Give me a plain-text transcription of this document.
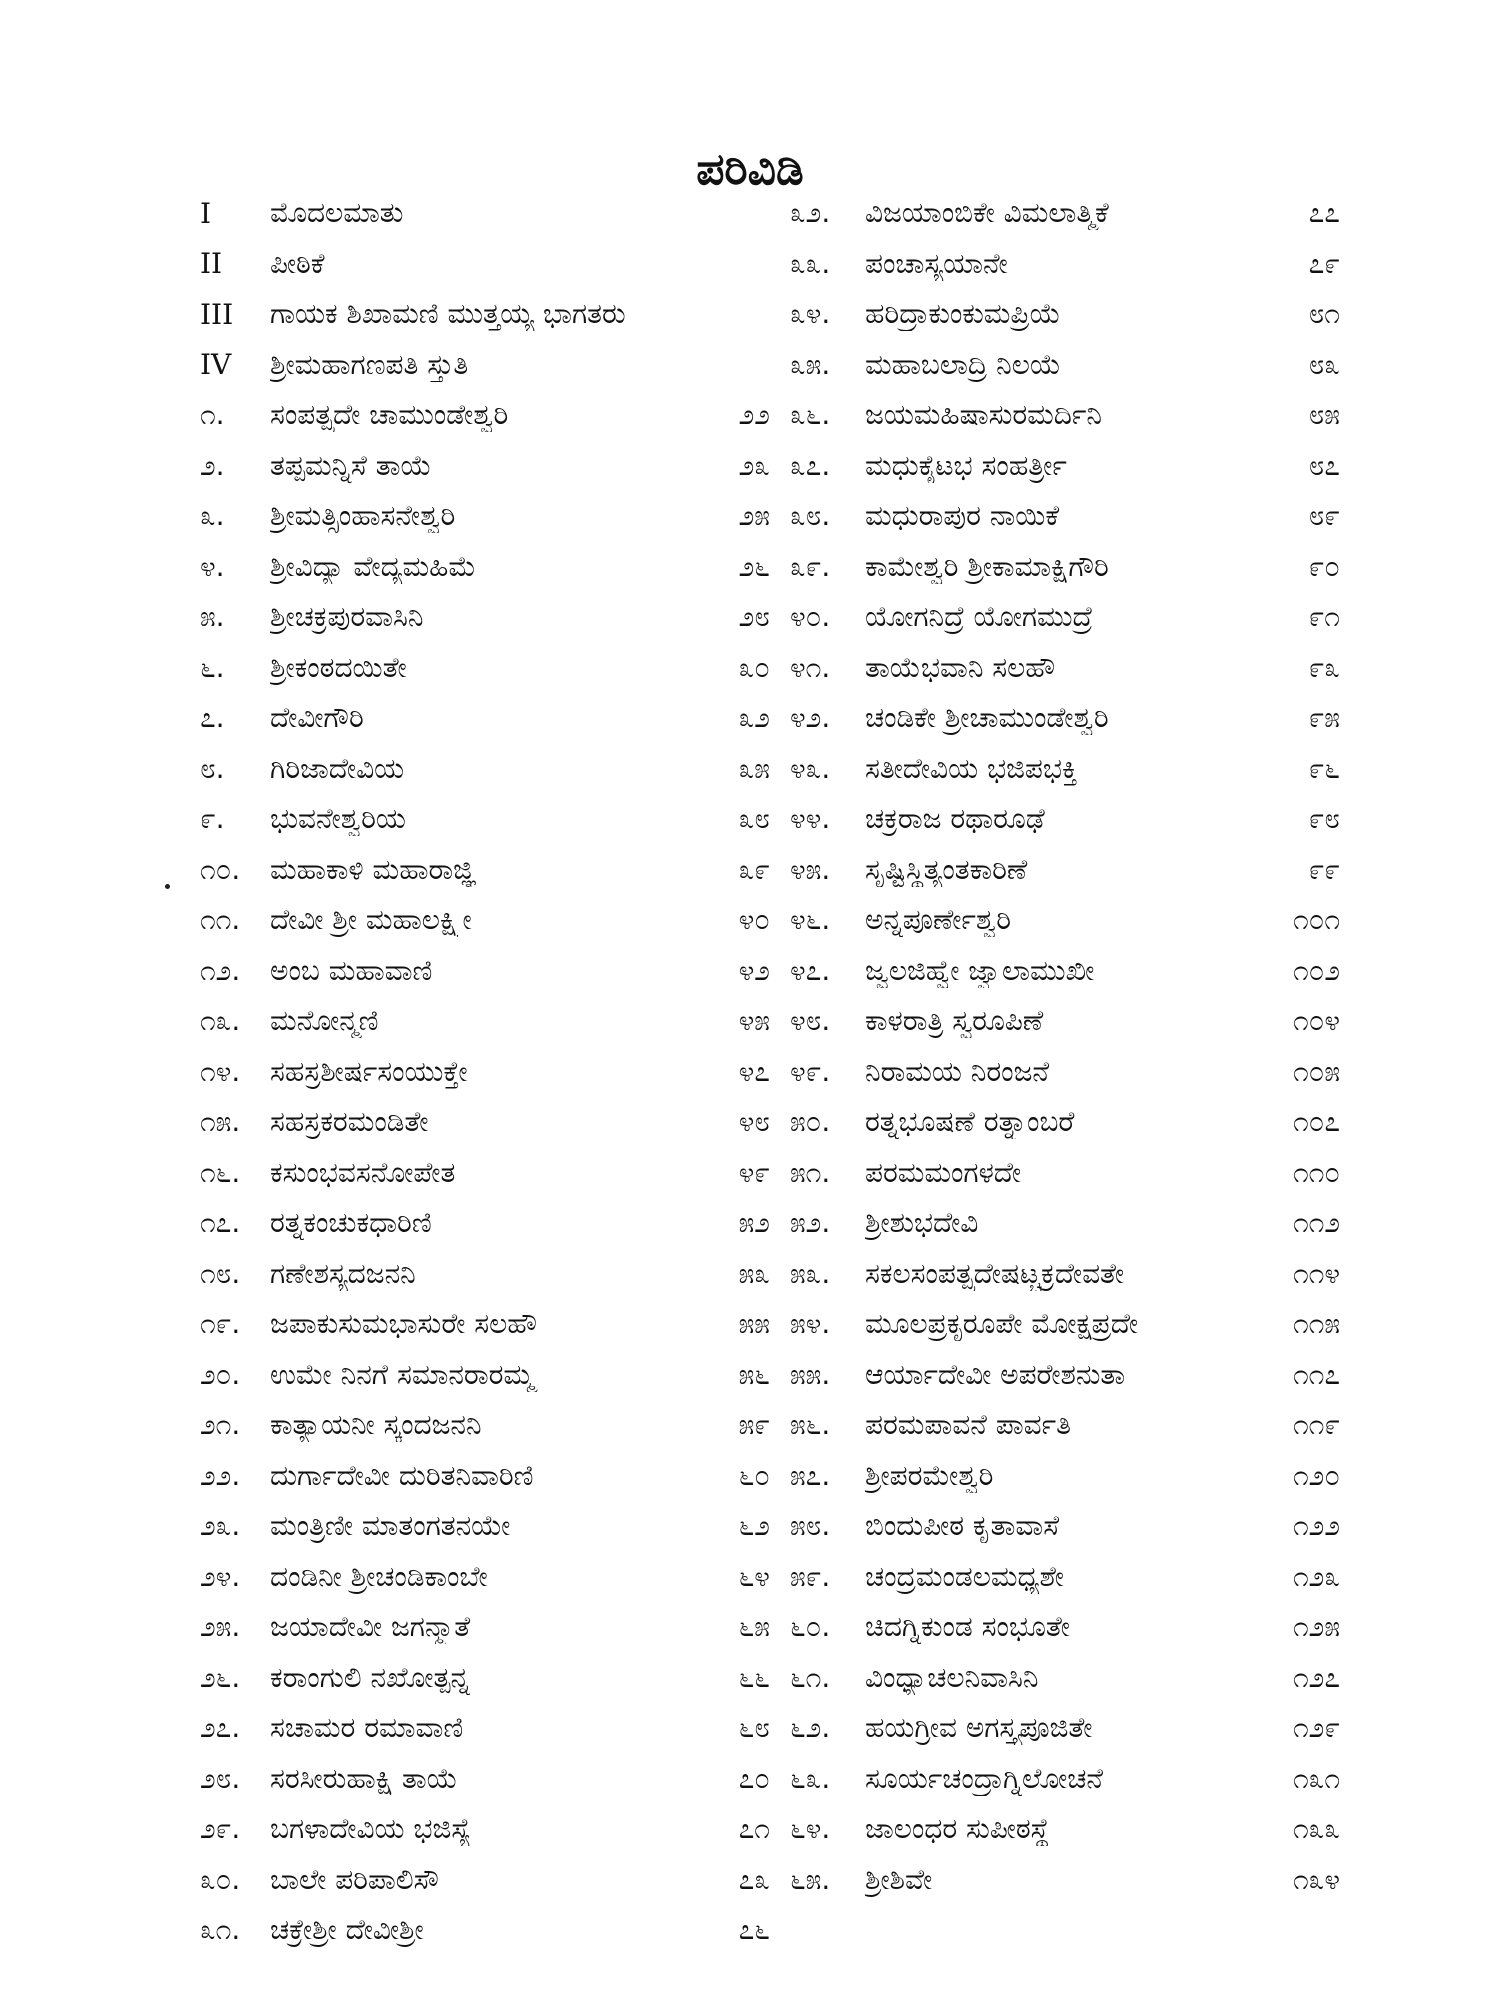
ಪರಿವಿಡಿ
I	ಮೊದಲಮಾತು
II	ಪೀಠಿಕೆ
III	ಗಾಯಕ ಶಿಖಾಮಣಿ ಮುತ್ತಯ್ಯ ಭಾಗತರು
IV	ಶ್ರೀಮಹಾಗಣಪತಿ ಸ್ತುತಿ
೧.	ಸಂಪತ್ಪ್ರದೇ ಚಾಮುಂಡೇಶ್ವರಿ	೨೨
೨.	ತಪ್ಪಮನ್ನಿಸೆ ತಾಯೆ	೨೩
೩.	ಶ್ರೀಮತ್ಸಿಂಹಾಸನೇಶ್ವರಿ	೨೫
೪.	ಶ್ರೀವಿದ್ಯಾ ವೇದ್ಯಮಹಿಮೆ	೨೬
೫.	ಶ್ರೀಚಕ್ರಪುರವಾಸಿನಿ	೨೮
೬.	ಶ್ರೀಕಂಠದಯಿತೇ	೩೦
೭.	ದೇವೀಗೌರಿ	೩೨
೮.	ಗಿರಿಜಾದೇವಿಯ	೩೫
೯.	ಭುವನೇಶ್ವರಿಯ	೩೮
೧೦.	ಮಹಾಕಾಳಿ ಮಹಾರಾಜ್ಞಿ	೩೯
೧೧.	ದೇವೀ ಶ್ರೀ ಮಹಾಲಕ್ಷ್ಮೀ	೪೦
೧೨.	ಅಂಬ ಮಹಾವಾಣಿ	೪೨
೧೩.	ಮನೋನ್ಮಣಿ	೪೫
೧೪.	ಸಹಸ್ರಶೀರ್ಷಸಂಯುಕ್ತೇ	೪೭
೧೫.	ಸಹಸ್ರಕರಮಂಡಿತೇ	೪೮
೧೬.	ಕಸುಂಭವಸನೋಪೇತ	೪೯
೧೭.	ರತ್ನಕಂಚುಕಧಾರಿಣಿ	೫೨
೧೮.	ಗಣೇಶಸ್ಯದಜನನಿ	೫೩
೧೯.	ಜಪಾಕುಸುಮಭಾಸುರೇ ಸಲಹೌ	೫೫
೨೦.	ಉಮೇ ನಿನಗೆ ಸಮಾನರಾರಮ್ಮ	೫೬
೨೧.	ಕಾತ್ಯಾಯನೀ ಸ್ಕಂದಜನನಿ	೫೯
೨೨.	ದುರ್ಗಾದೇವೀ ದುರಿತನಿವಾರಿಣಿ	೬೦
೨೩.	ಮಂತ್ರಿಣೀ ಮಾತಂಗತನಯೇ	೬೨
೨೪.	ದಂಡಿನೀ ಶ್ರೀಚಂಡಿಕಾಂಬೇ	೬೪
೨೫.	ಜಯಾದೇವೀ ಜಗನ್ಮಾತೆ	೬೫
೨೬.	ಕರಾಂಗುಲಿ ನಖೋತ್ಪನ್ನ	೬೬
೨೭.	ಸಚಾಮರ ರಮಾವಾಣಿ	೬೮
೨೮.	ಸರಸೀರುಹಾಕ್ಷಿ ತಾಯೆ	೭೦
೨೯.	ಬಗಳಾದೇವಿಯ ಭಜಿಸ್ಯೆ	೭೧
೩೦.	ಬಾಲೇ ಪರಿಪಾಲಿಸೌ	೭೩
೩೧.	ಚಕ್ರೇಶ್ರೀ ದೇವೀಶ್ರೀ	೭೬
೩೨.	ವಿಜಯಾಂಬಿಕೇ ವಿಮಲಾತ್ಮಿಕೆ	೭೭
೩೩.	ಪಂಚಾಸ್ಯಯಾನೇ	೭೯
೩೪.	ಹರಿದ್ರಾಕುಂಕುಮಪ್ರಿಯೆ	೮೧
೩೫.	ಮಹಾಬಲಾದ್ರಿ ನಿಲಯೆ	೮೩
೩೬.	ಜಯಮಹಿಷಾಸುರಮರ್ದಿನಿ	೮೫
೩೭.	ಮಧುಕೈಟಭ ಸಂಹರ್ತ್ರೀ	೮೭
೩೮.	ಮಧುರಾಪುರ ನಾಯಿಕೆ	೮೯
೩೯.	ಕಾಮೇಶ್ವರಿ ಶ್ರೀಕಾಮಾಕ್ಷಿಗೌರಿ	೯೦
೪೦.	ಯೋಗನಿದ್ರೆ ಯೋಗಮುದ್ರೆ	೯೧
೪೧.	ತಾಯೆಭವಾನಿ ಸಲಹೌ	೯೩
೪೨.	ಚಂಡಿಕೇ ಶ್ರೀಚಾಮುಂಡೇಶ್ವರಿ	೯೫
೪೩.	ಸತೀದೇವಿಯ ಭಜಿಪಭಕ್ತಿ	೯೬
೪೪.	ಚಕ್ರರಾಜ ರಥಾರೂಢೆ	೯೮
೪೫.	ಸೃಷ್ಟಿಸ್ಥಿತ್ಯಂತಕಾರಿಣೆ	೯೯
೪೬.	ಅನ್ನಪೂರ್ಣೇಶ್ವರಿ	೧೦೧
೪೭.	ಜ್ವಲಜಿಹ್ವೇ ಜ್ವಾಲಾಮುಖೀ	೧೦೨
೪೮.	ಕಾಳರಾತ್ರಿ ಸ್ವರೂಪಿಣೆ	೧೦೪
೪೯.	ನಿರಾಮಯ ನಿರಂಜನೆ	೧೦೫
೫೦.	ರತ್ನಭೂಷಣೆ ರತ್ನಾಂಬರೆ	೧೦೭
೫೧.	ಪರಮಮಂಗಳದೇ	೧೧೦
೫೨.	ಶ್ರೀಶುಭದೇವಿ	೧೧೨
೫೩.	ಸಕಲಸಂಪತ್ಪ್ರದೇಷಟ್ಚಕ್ರದೇವತೇ	೧೧೪
೫೪.	ಮೂಲಪ್ರಕೃರೂಪೇ ಮೋಕ್ಷಪ್ರದೇ	೧೧೫
೫೫.	ಆರ್ಯಾದೇವೀ ಅಪರೇಶನುತಾ	೧೧೭
೫೬.	ಪರಮಪಾವನೆ ಪಾರ್ವತಿ	೧೧೯
೫೭.	ಶ್ರೀಪರಮೇಶ್ವರಿ	೧೨೦
೫೮.	ಬಿಂದುಪೀಠ ಕೃತಾವಾಸೆ	೧೨೨
೫೯.	ಚಂದ್ರಮಂಡಲಮಧ್ಯಶೇ	೧೨೩
೬೦.	ಚಿದಗ್ನಿಕುಂಡ ಸಂಭೂತೇ	೧೨೫
೬೧.	ವಿಂಧ್ಯಾಚಲನಿವಾಸಿನಿ	೧೨೭
೬೨.	ಹಯಗ್ರೀವ ಅಗಸ್ತ್ಯಪೂಜಿತೇ	೧೨೯
೬೩.	ಸೂರ್ಯಚಂದ್ರಾಗ್ನಿಲೋಚನೆ	೧೩೧
೬೪.	ಜಾಲಂಧರ ಸುಪೀಠಸ್ಥೆ	೧೩೩
೬೫.	ಶ್ರೀಶಿವೇ	೧೩೪
